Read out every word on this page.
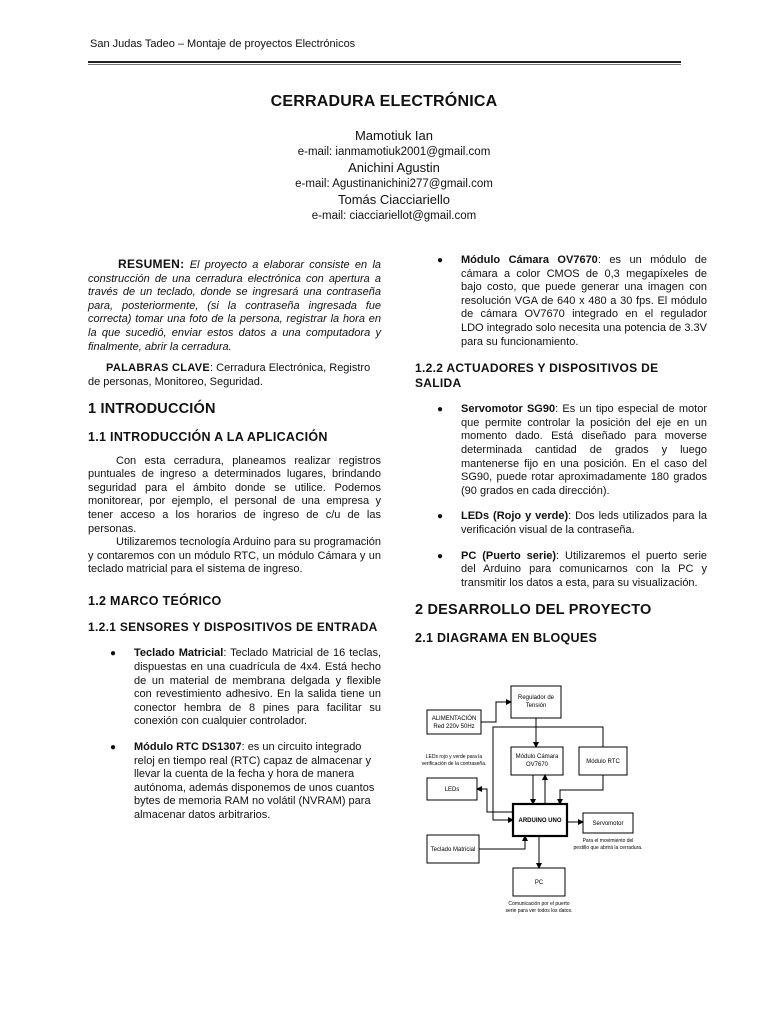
San Judas Tadeo – Montaje de proyectos Electrónicos
CERRADURA ELECTRÓNICA
Mamotiuk Ian
e-mail: ianmamotiuk2001@gmail.com
Anichini Agustin
e-mail: Agustinanichini277@gmail.com
Tomás Ciacciariello
e-mail: ciacciariellot@gmail.com
RESUMEN: El proyecto a elaborar consiste en la construcción de una cerradura electrónica con apertura a través de un teclado, donde se ingresará una contraseña para, posteriormente, (si la contraseña ingresada fue correcta) tomar una foto de la persona, registrar la hora en la que sucedió, enviar estos datos a una computadora y finalmente, abrir la cerradura.
PALABRAS CLAVE: Cerradura Electrónica, Registro de personas, Monitoreo, Seguridad.
1 INTRODUCCIÓN
1.1 INTRODUCCIÓN A LA APLICACIÓN
Con esta cerradura, planeamos realizar registros puntuales de ingreso a determinados lugares, brindando seguridad para el ámbito donde se utilice. Podemos monitorear, por ejemplo, el personal de una empresa y tener acceso a los horarios de ingreso de c/u de las personas.
Utilizaremos tecnología Arduino para su programación y contaremos con un módulo RTC, un módulo Cámara y un teclado matricial para el sistema de ingreso.
1.2 MARCO TEÓRICO
1.2.1 SENSORES Y DISPOSITIVOS DE ENTRADA
● Teclado Matricial: Teclado Matricial de 16 teclas, dispuestas en una cuadrícula de 4x4. Está hecho de un material de membrana delgada y flexible con revestimiento adhesivo. En la salida tiene un conector hembra de 8 pines para facilitar su conexión con cualquier controlador.
● Módulo RTC DS1307: es un circuito integrado reloj en tiempo real (RTC) capaz de almacenar y llevar la cuenta de la fecha y hora de manera autónoma, además disponemos de unos cuantos bytes de memoria RAM no volátil (NVRAM) para almacenar datos arbitrarios.
● Módulo Cámara OV7670: es un módulo de cámara a color CMOS de 0,3 megapíxeles de bajo costo, que puede generar una imagen con resolución VGA de 640 x 480 a 30 fps. El módulo de cámara OV7670 integrado en el regulador LDO integrado solo necesita una potencia de 3.3V para su funcionamiento.
1.2.2 ACTUADORES Y DISPOSITIVOS DE SALIDA
● Servomotor SG90: Es un tipo especial de motor que permite controlar la posición del eje en un momento dado. Está diseñado para moverse determinada cantidad de grados y luego mantenerse fijo en una posición. En el caso del SG90, puede rotar aproximadamente 180 grados (90 grados en cada dirección).
● LEDs (Rojo y verde): Dos leds utilizados para la verificación visual de la contraseña.
● PC (Puerto serie): Utilizaremos el puerto serie del Arduino para comunicarnos con la PC y transmitir los datos a esta, para su visualización.
2 DESARROLLO DEL PROYECTO
2.1 DIAGRAMA EN BLOQUES
Regulador de
Tensión
ALIMENTACIÓN
Red 220v 50Hz
Módulo Cámara
OV7670	Módulo RTC
LEDs rojo y verde para la
verificación de la contraseña.
LEDs
ARDUINO UNO	Servomotor
Para el movimiento del
pestillo que abrirá la cerradura.
Teclado Matricial
PC
Comunicación por el puerto
serie para ver todos los datos.
